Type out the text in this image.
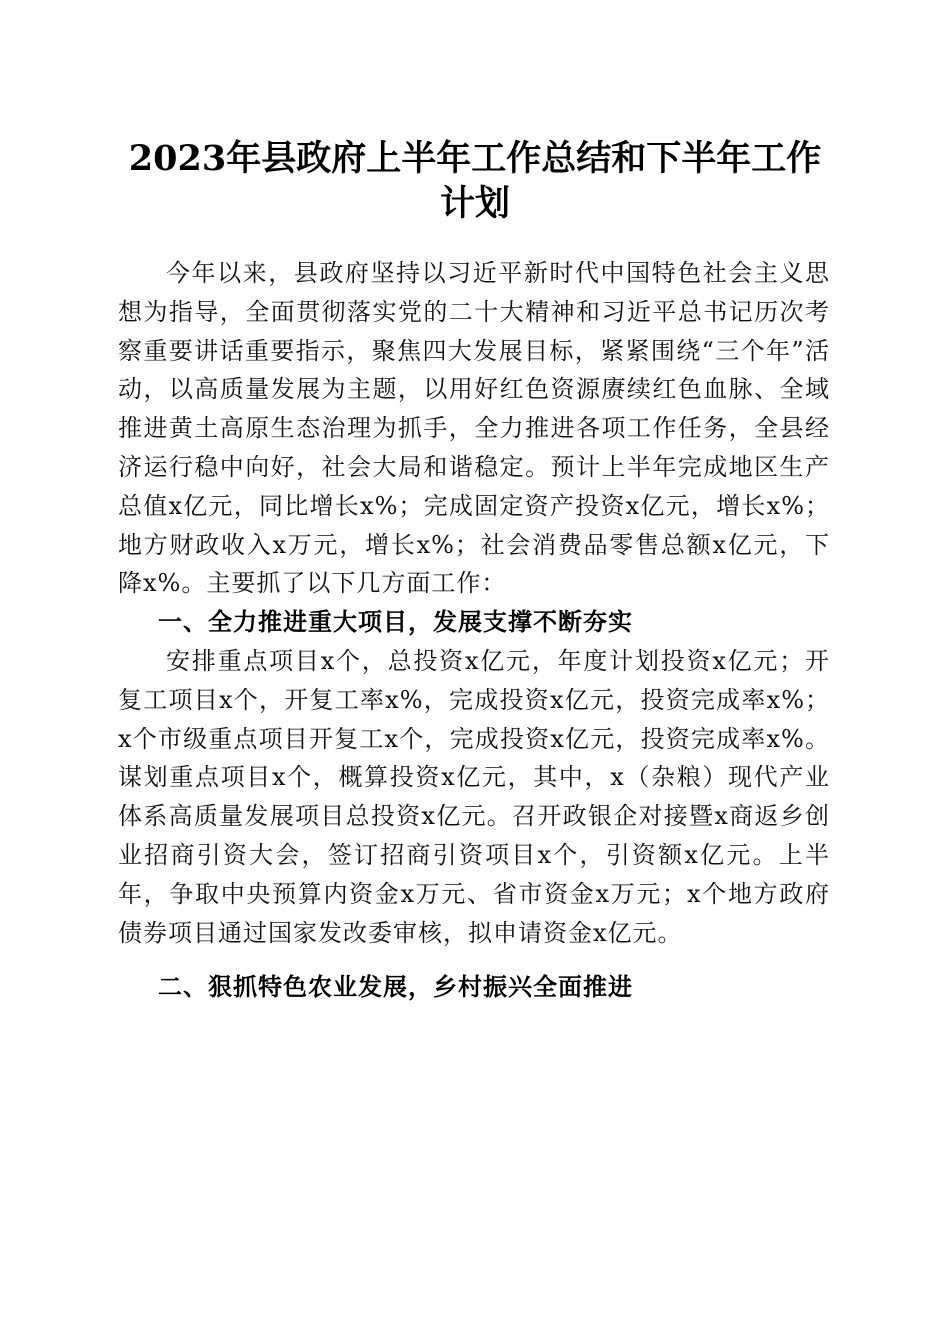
2023年县政府上半年工作总结和下半年工作计划

今年以来，县政府坚持以习近平新时代中国特色社会主义思想为指导，全面贯彻落实党的二十大精神和习近平总书记历次考察重要讲话重要指示，聚焦四大发展目标，紧紧围绕“三个年”活动，以高质量发展为主题，以用好红色资源赓续红色血脉、全域推进黄土高原生态治理为抓手，全力推进各项工作任务，全县经济运行稳中向好，社会大局和谐稳定。预计上半年完成地区生产总值x亿元，同比增长x%；完成固定资产投资x亿元，增长x%；地方财政收入x万元，增长x%；社会消费品零售总额x亿元，下降x%。主要抓了以下几方面工作：

一、全力推进重大项目，发展支撑不断夯实

安排重点项目x个，总投资x亿元，年度计划投资x亿元；开复工项目x个，开复工率x%，完成投资x亿元，投资完成率x%；x个市级重点项目开复工x个，完成投资x亿元，投资完成率x%。谋划重点项目x个，概算投资x亿元，其中，x（杂粮）现代产业体系高质量发展项目总投资x亿元。召开政银企对接暨x商返乡创业招商引资大会，签订招商引资项目x个，引资额x亿元。上半年，争取中央预算内资金x万元、省市资金x万元；x个地方政府债券项目通过国家发改委审核，拟申请资金x亿元。

二、狠抓特色农业发展，乡村振兴全面推进
